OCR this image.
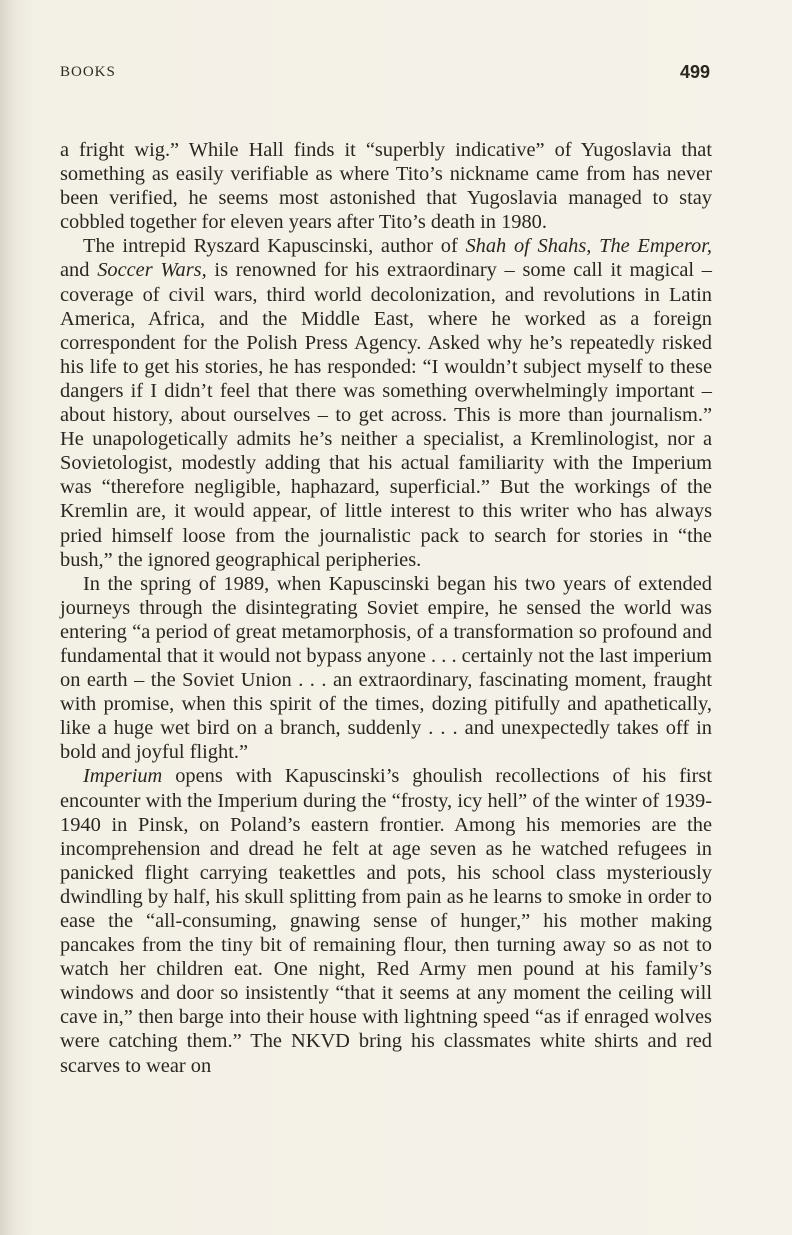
BOOKS	499

a fright wig.” While Hall finds it “superbly indicative” of Yugoslavia that something as easily verifiable as where Tito’s nickname came from has never been verified, he seems most astonished that Yugoslavia managed to stay cobbled together for eleven years after Tito’s death in 1980.

The intrepid Ryszard Kapuscinski, author of Shah of Shahs, The Emperor, and Soccer Wars, is renowned for his extraordinary – some call it magical – coverage of civil wars, third world decolonization, and revolutions in Latin America, Africa, and the Middle East, where he worked as a foreign correspondent for the Polish Press Agency. Asked why he’s repeatedly risked his life to get his stories, he has responded: “I wouldn’t subject myself to these dangers if I didn’t feel that there was something overwhelmingly important – about history, about ourselves – to get across. This is more than journalism.” He unapologetically admits he’s neither a specialist, a Kremlinologist, nor a Sovietologist, modestly adding that his actual familiarity with the Imperium was “therefore negligible, haphazard, superficial.” But the workings of the Kremlin are, it would appear, of little interest to this writer who has always pried himself loose from the journalistic pack to search for stories in “the bush,” the ignored geographical peripheries.

In the spring of 1989, when Kapuscinski began his two years of extended journeys through the disintegrating Soviet empire, he sensed the world was entering “a period of great metamorphosis, of a transformation so profound and fundamental that it would not bypass anyone . . . certainly not the last imperium on earth – the Soviet Union . . . an extraordinary, fascinating moment, fraught with promise, when this spirit of the times, dozing pitifully and apathetically, like a huge wet bird on a branch, suddenly . . . and unexpectedly takes off in bold and joyful flight.”

Imperium opens with Kapuscinski’s ghoulish recollections of his first encounter with the Imperium during the “frosty, icy hell” of the winter of 1939-1940 in Pinsk, on Poland’s eastern frontier. Among his memories are the incomprehension and dread he felt at age seven as he watched refugees in panicked flight carrying teakettles and pots, his school class mysteriously dwindling by half, his skull splitting from pain as he learns to smoke in order to ease the “all-consuming, gnawing sense of hunger,” his mother making pancakes from the tiny bit of remaining flour, then turning away so as not to watch her children eat. One night, Red Army men pound at his family’s windows and door so insistently “that it seems at any moment the ceiling will cave in,” then barge into their house with lightning speed “as if enraged wolves were catching them.” The NKVD bring his classmates white shirts and red scarves to wear on
